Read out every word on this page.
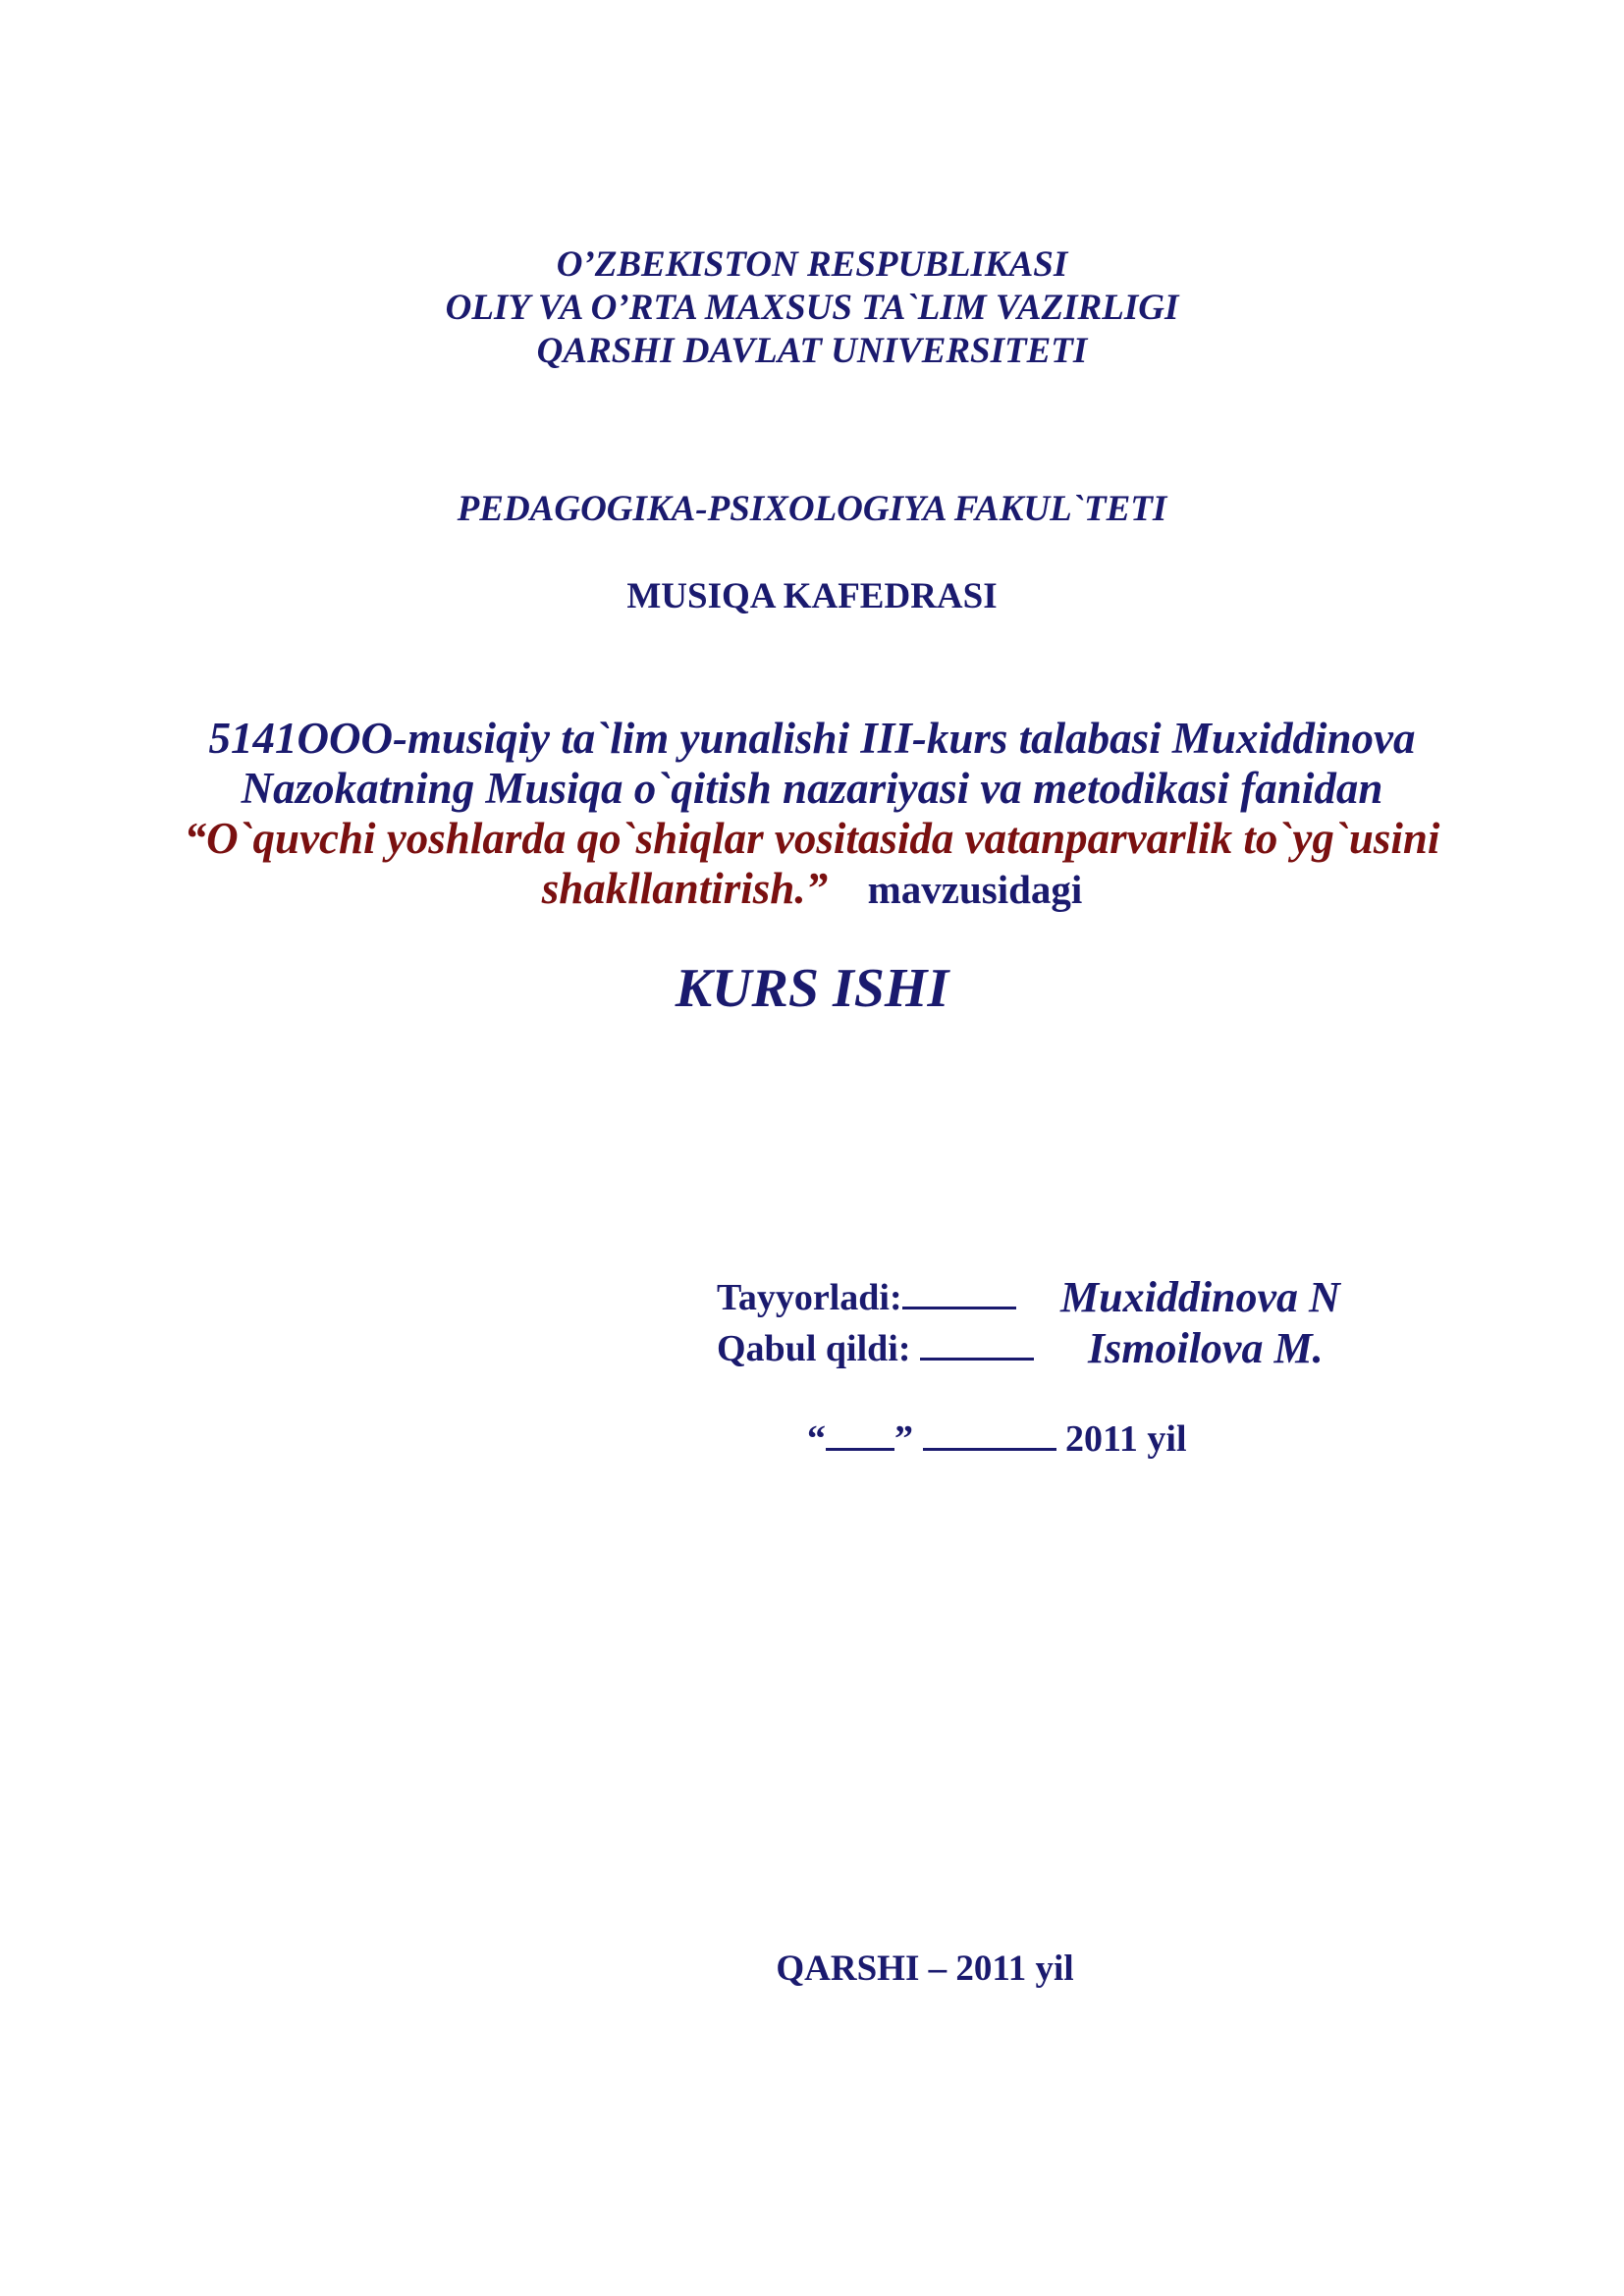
O’ZBEKISTON RESPUBLIKASI
OLIY VA O’RTA MAXSUS TA`LIM VAZIRLIGI
QARSHI DAVLAT UNIVERSITETI
PEDAGOGIKA-PSIXOLOGIYA FAKUL`TETI
MUSIQA KAFEDRASI
5141OOO-musiqiy ta`lim yunalishi III-kurs talabasi Muxiddinova
Nazokatning Musiqa o`qitish nazariyasi va metodikasi fanidan
“O`quvchi yoshlarda qo`shiqlar vositasida vatanparvarlik to`yg`usini
shakllantirish.” mavzusidagi
KURS ISHI
Tayyorladi:	Muxiddinova N
Qabul qildi:	Ismoilova M.
“ ”	2011 yil
QARSHI – 2011 yil
